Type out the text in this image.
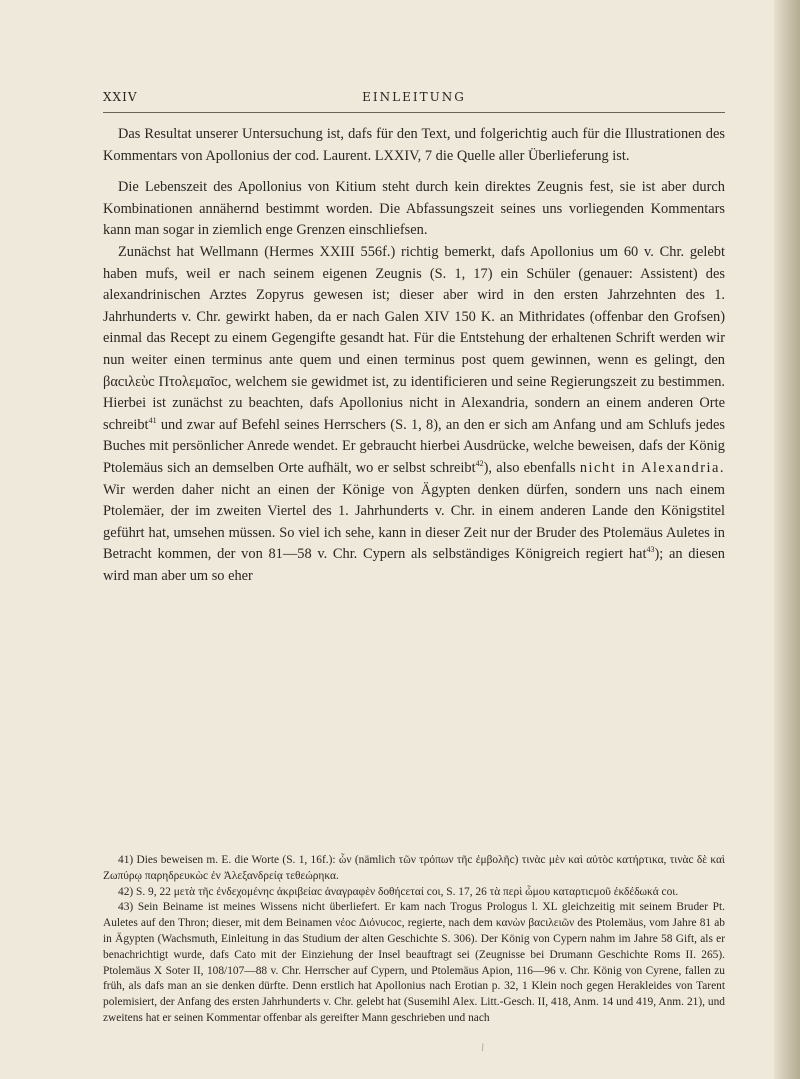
XXIV	EINLEITUNG

Das Resultat unserer Untersuchung ist, dafs für den Text, und folgerichtig auch für die Illustrationen des Kommentars von Apollonius der cod. Laurent. LXXIV, 7 die Quelle aller Überlieferung ist.

Die Lebenszeit des Apollonius von Kitium steht durch kein direktes Zeugnis fest, sie ist aber durch Kombinationen annähernd bestimmt worden. Die Abfassungszeit seines uns vorliegenden Kommentars kann man sogar in ziemlich enge Grenzen einschliefsen.

Zunächst hat Wellmann (Hermes XXIII 556f.) richtig bemerkt, dafs Apollonius um 60 v. Chr. gelebt haben mufs, weil er nach seinem eigenen Zeugnis (S. 1, 17) ein Schüler (genauer: Assistent) des alexandrinischen Arztes Zopyrus gewesen ist; dieser aber wird in den ersten Jahrzehnten des 1. Jahrhunderts v. Chr. gewirkt haben, da er nach Galen XIV 150 K. an Mithridates (offenbar den Grofsen) einmal das Recept zu einem Gegengifte gesandt hat. Für die Entstehung der erhaltenen Schrift werden wir nun weiter einen terminus ante quem und einen terminus post quem gewinnen, wenn es gelingt, den βαcιλεὺc Πτολεμαῖοc, welchem sie gewidmet ist, zu identificieren und seine Regierungszeit zu bestimmen. Hierbei ist zunächst zu beachten, dafs Apollonius nicht in Alexandria, sondern an einem anderen Orte schreibt$^{41}$ und zwar auf Befehl seines Herrschers (S. 1, 8), an den er sich am Anfang und am Schlufs jedes Buches mit persönlicher Anrede wendet. Er gebraucht hierbei Ausdrücke, welche beweisen, dafs der König Ptolemäus sich an demselben Orte aufhält, wo er selbst schreibt$^{42}$), also ebenfalls nicht in Alexandria. Wir werden daher nicht an einen der Könige von Ägypten denken dürfen, sondern uns nach einem Ptolemäer, der im zweiten Viertel des 1. Jahrhunderts v. Chr. in einem anderen Lande den Königstitel geführt hat, umsehen müssen. So viel ich sehe, kann in dieser Zeit nur der Bruder des Ptolemäus Auletes in Betracht kommen, der von 81—58 v. Chr. Cypern als selbständiges Königreich regiert hat$^{43}$); an diesen wird man aber um so eher

41) Dies beweisen m. E. die Worte (S. 1, 16f.): ὧν (nämlich τῶν τρόπων τῆc ἐμβολῆc) τινὰc μὲν καὶ αὐτὸc κατήρτικα, τινὰc δὲ καὶ Ζωπύρῳ παρηδρευκὼc ἐν Ἀλεξανδρείᾳ τεθεώρηκα.

42) S. 9, 22 μετὰ τῆc ἐνδεχομένηc ἀκριβείαc ἀναγραφὲν δοθήcεταί cοι, S. 17, 26 τὰ περὶ ὦμου καταρτιcμοῦ ἐκδέδωκά cοι.

43) Sein Beiname ist meines Wissens nicht überliefert. Er kam nach Trogus Prologus l. XL gleichzeitig mit seinem Bruder Pt. Auletes auf den Thron; dieser, mit dem Beinamen νέοc Διόνυcοc, regierte, nach dem κανὼν βαcιλειῶν des Ptolemäus, vom Jahre 81 ab in Ägypten (Wachsmuth, Einleitung in das Studium der alten Geschichte S. 306). Der König von Cypern nahm im Jahre 58 Gift, als er benachrichtigt wurde, dafs Cato mit der Einziehung der Insel beauftragt sei (Zeugnisse bei Drumann Geschichte Roms II. 265). Ptolemäus X Soter II, 108/107—88 v. Chr. Herrscher auf Cypern, und Ptolemäus Apion, 116—96 v. Chr. König von Cyrene, fallen zu früh, als dafs man an sie denken dürfte. Denn erstlich hat Apollonius nach Erotian p. 32, 1 Klein noch gegen Herakleides von Tarent polemisiert, der Anfang des ersten Jahrhunderts v. Chr. gelebt hat (Susemihl Alex. Litt.-Gesch. II, 418, Anm. 14 und 419, Anm. 21), und zweitens hat er seinen Kommentar offenbar als gereifter Mann geschrieben und nach

\
